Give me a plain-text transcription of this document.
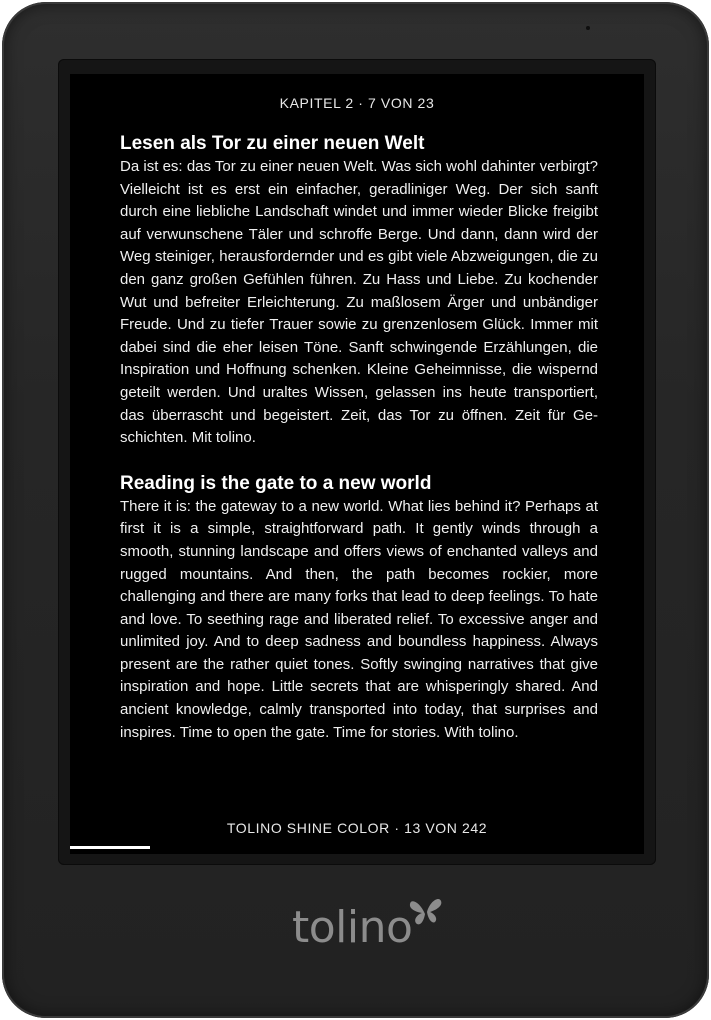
KAPITEL 2 · 7 VON 23
Lesen als Tor zu einer neuen Welt

Da ist es: das Tor zu einer neuen Welt. Was sich wohl dahinter verbirgt? Vielleicht ist es erst ein einfacher, geradliniger Weg. Der sich sanft durch eine liebliche Landschaft windet und immer wieder Blicke freigibt auf verwunschene Täler und schroffe Berge. Und dann, dann wird der Weg steiniger, herausfordernder und es gibt viele Abzweigungen, die zu den ganz großen Gefühlen führen. Zu Hass und Liebe. Zu kochender Wut und befreiter Erleichterung. Zu maßlosem Ärger und unbändiger Freude. Und zu tiefer Trauer sowie zu grenzenlosem Glück. Immer mit dabei sind die eher leisen Töne. Sanft schwingende Erzählungen, die Inspiration und Hoffnung schenken. Kleine Geheimnisse, die wispernd geteilt werden. Und uraltes Wissen, gelassen ins heute transportiert, das überrascht und begeistert. Zeit, das Tor zu öffnen. Zeit für Geschichten. Mit tolino.

Reading is the gate to a new world

There it is: the gateway to a new world. What lies behind it? Perhaps at first it is a simple, straightforward path. It gently winds through a smooth, stunning landscape and offers views of enchanted valleys and rugged mountains. And then, the path becomes rockier, more challenging and there are many forks that lead to deep feelings. To hate and love. To seething rage and liberated relief. To excessive anger and unlimited joy. And to deep sadness and boundless happiness. Always present are the rather quiet tones. Softly swinging narratives that give inspiration and hope. Little secrets that are whisperingly shared. And ancient knowledge, calmly transported into today, that surprises and inspires. Time to open the gate. Time for stories. With tolino.

TOLINO SHINE COLOR · 13 VON 242
tolino
